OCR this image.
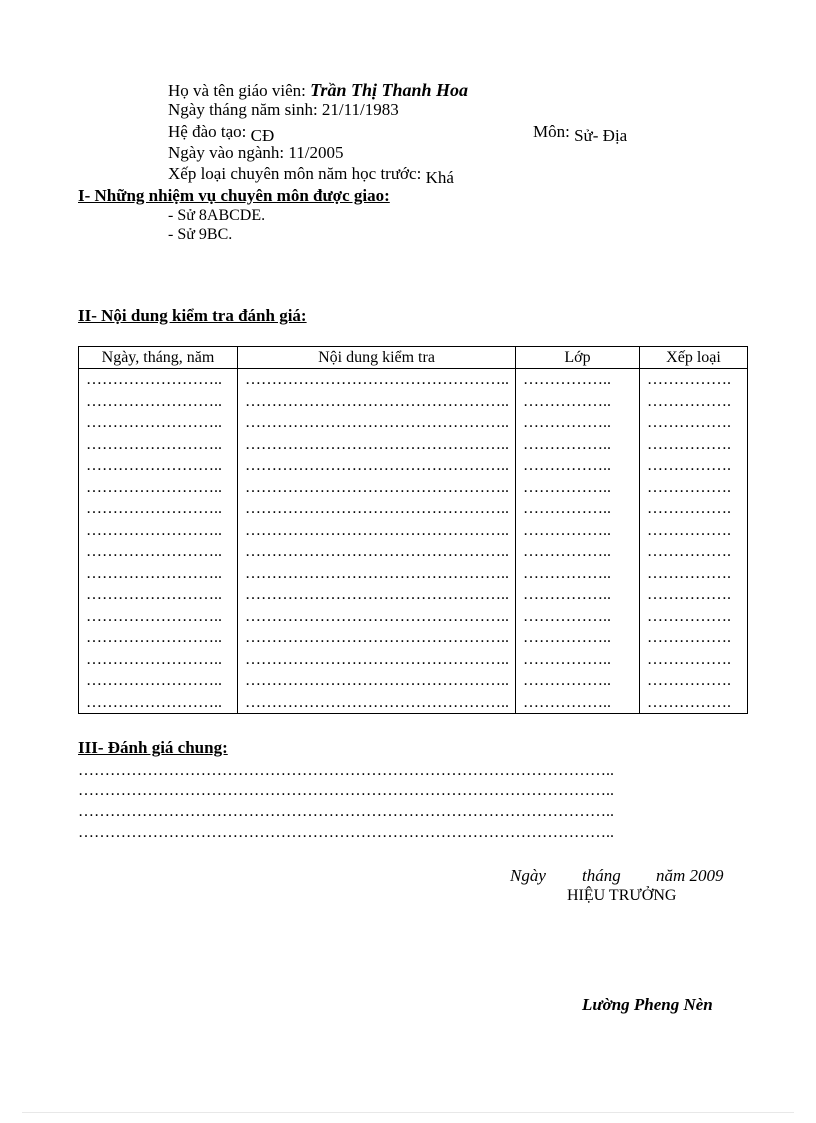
Họ và tên giáo viên: Trần Thị Thanh Hoa
Ngày tháng năm sinh: 21/11/1983
Hệ đào tạo: CĐ	Môn: Sử- Địa
Ngày vào ngành: 11/2005
Xếp loại chuyên môn năm học trước: Khá
I- Những nhiệm vụ chuyên môn được giao:
- Sử 8ABCDE.
- Sử 9BC.
II- Nội dung kiểm tra đánh giá:
Ngày, tháng, năm	Nội dung kiểm tra	Lớp	Xếp loại
……………………..	…………………………………………..	……………..	…………….
……………………..	…………………………………………..	……………..	…………….
……………………..	…………………………………………..	……………..	…………….
……………………..	…………………………………………..	……………..	…………….
……………………..	…………………………………………..	……………..	…………….
……………………..	…………………………………………..	……………..	…………….
……………………..	…………………………………………..	……………..	…………….
……………………..	…………………………………………..	……………..	…………….
……………………..	…………………………………………..	……………..	…………….
……………………..	…………………………………………..	……………..	…………….
……………………..	…………………………………………..	……………..	…………….
……………………..	…………………………………………..	……………..	…………….
……………………..	…………………………………………..	……………..	…………….
……………………..	…………………………………………..	……………..	…………….
……………………..	…………………………………………..	……………..	…………….
……………………..	…………………………………………..	……………..	…………….
III- Đánh giá chung:
………………………………………………………………………………………..
………………………………………………………………………………………..
………………………………………………………………………………………..
………………………………………………………………………………………..
Ngày tháng năm 2009
HIỆU TRƯỞNG
Lường Pheng Nèn
